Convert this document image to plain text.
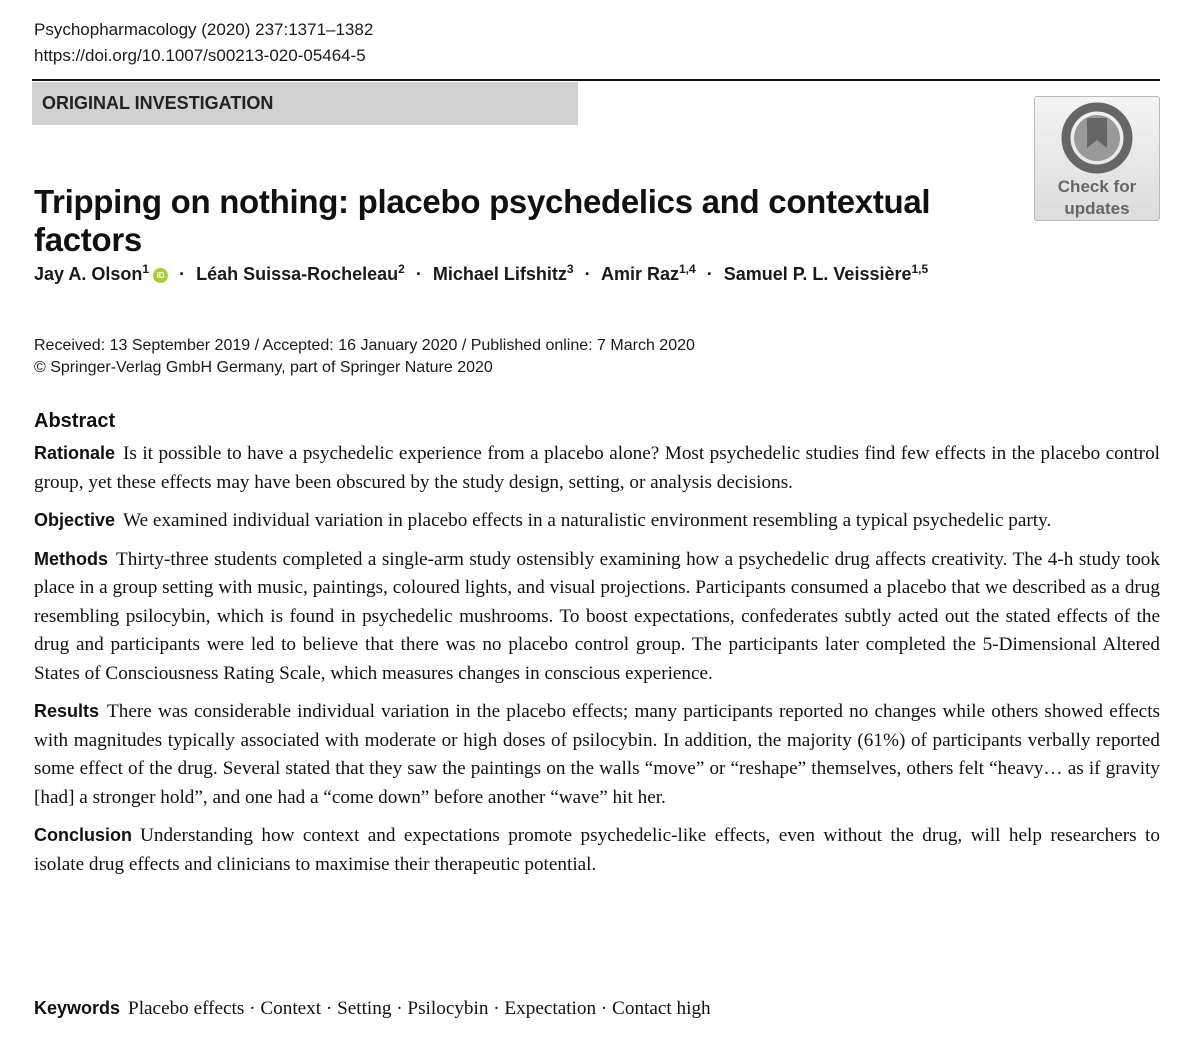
Psychopharmacology (2020) 237:1371–1382
https://doi.org/10.1007/s00213-020-05464-5
ORIGINAL INVESTIGATION
Check for
updates
Tripping on nothing: placebo psychedelics and contextual factors
Jay A. Olson$^1$ iD · Léah Suissa-Rocheleau$^2$ · Michael Lifshitz$^3$ · Amir Raz$^{1,4}$ · Samuel P. L. Veissière$^{1,5}$
Received: 13 September 2019 / Accepted: 16 January 2020 / Published online: 7 March 2020
© Springer-Verlag GmbH Germany, part of Springer Nature 2020
Abstract

Rationale Is it possible to have a psychedelic experience from a placebo alone? Most psychedelic studies find few effects in the placebo control group, yet these effects may have been obscured by the study design, setting, or analysis decisions.

Objective We examined individual variation in placebo effects in a naturalistic environment resembling a typical psychedelic party.

Methods Thirty-three students completed a single-arm study ostensibly examining how a psychedelic drug affects creativity. The 4-h study took place in a group setting with music, paintings, coloured lights, and visual projections. Participants consumed a placebo that we described as a drug resembling psilocybin, which is found in psychedelic mushrooms. To boost expectations, confederates subtly acted out the stated effects of the drug and participants were led to believe that there was no placebo control group. The participants later completed the 5-Dimensional Altered States of Consciousness Rating Scale, which measures changes in conscious experience.

Results There was considerable individual variation in the placebo effects; many participants reported no changes while others showed effects with magnitudes typically associated with moderate or high doses of psilocybin. In addition, the majority (61%) of participants verbally reported some effect of the drug. Several stated that they saw the paintings on the walls “move” or “reshape” themselves, others felt “heavy… as if gravity [had] a stronger hold”, and one had a “come down” before another “wave” hit her.

Conclusion Understanding how context and expectations promote psychedelic-like effects, even without the drug, will help researchers to isolate drug effects and clinicians to maximise their therapeutic potential.

Keywords Placebo effects · Context · Setting · Psilocybin · Expectation · Contact high
